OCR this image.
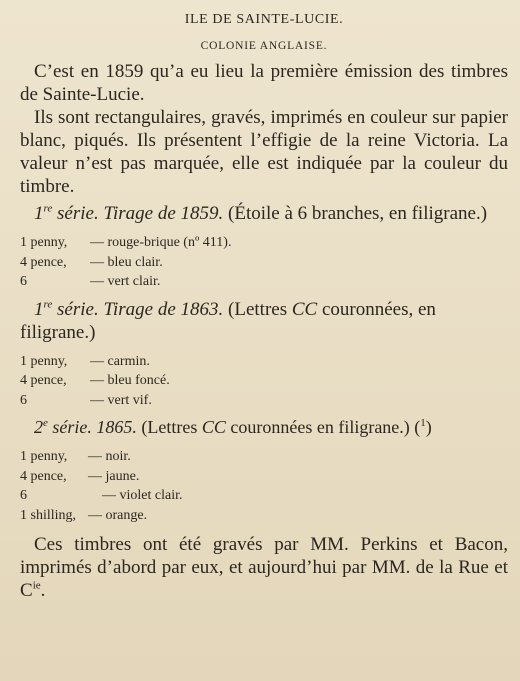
ILE DE SAINTE-LUCIE.
COLONIE ANGLAISE.

C’est en 1859 qu’a eu lieu la première émission des timbres de Sainte-Lucie.

Ils sont rectangulaires, gravés, imprimés en couleur sur papier blanc, piqués. Ils présentent l’effigie de la reine Victoria. La valeur n’est pas marquée, elle est indiquée par la couleur du timbre.

1re série. Tirage de 1859. (Étoile à 6 branches, en filigrane.)

1 penny,	— rouge-brique (nº 411).
4 pence,	— bleu clair.
6	— vert clair.

1re série. Tirage de 1863. (Lettres CC couronnées, en filigrane.)

1 penny,	— carmin.
4 pence,	— bleu foncé.
6	— vert vif.

2e série. 1865. (Lettres CC couronnées en filigrane.) ($^1$)

1 penny,	— noir.
4 pence,	— jaune.
6	— violet clair.
1 shilling, — orange.

Ces timbres ont été gravés par MM. Perkins et Bacon, imprimés d’abord par eux, et aujourd’hui par MM. de la Rue et $C^{ie}$.
